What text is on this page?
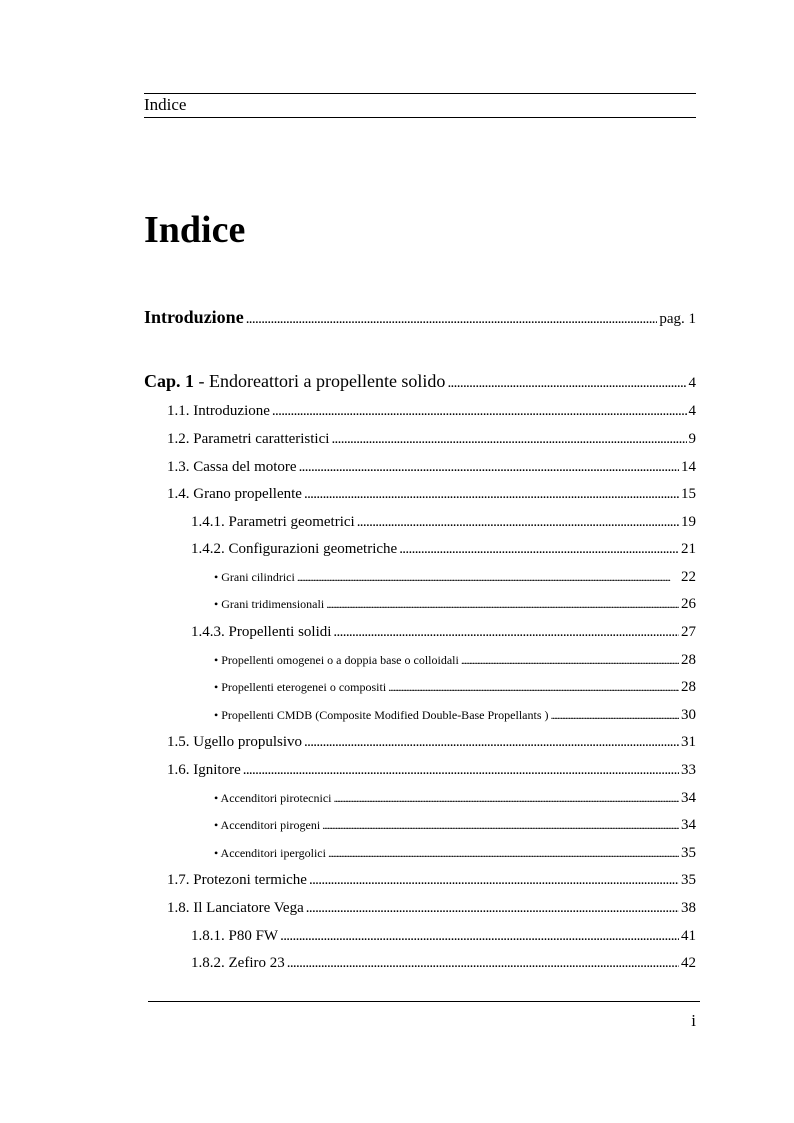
Indice
Indice
Introduzione . . .	pag. 1
Cap. 1 - Endoreattori a propellente solido . . .	4
1.1. Introduzione . . .	4
1.2. Parametri caratteristici . . .	9
1.3. Cassa del motore . . .	14
1.4. Grano propellente . . .	15
1.4.1. Parametri geometrici . . .	19
1.4.2. Configurazioni geometriche . . .	21
• Grani cilindrici . . .	22
• Grani tridimensionali . . .	26
1.4.3. Propellenti solidi . . .	27
• Propellenti omogenei o a doppia base o colloidali . . .	28
• Propellenti eterogenei o compositi . . .	28
• Propellenti CMDB (Composite Modified Double-Base Propellants ) . . .	30
1.5. Ugello propulsivo . . .	31
1.6. Ignitore . . .	33
• Accenditori pirotecnici . . .	34
• Accenditori pirogeni . . .	34
• Accenditori ipergolici . . .	35
1.7. Protezoni termiche . . .	35
1.8. Il Lanciatore Vega . . .	38
1.8.1. P80 FW . . .	41
1.8.2. Zefiro 23 . . .	42
i
